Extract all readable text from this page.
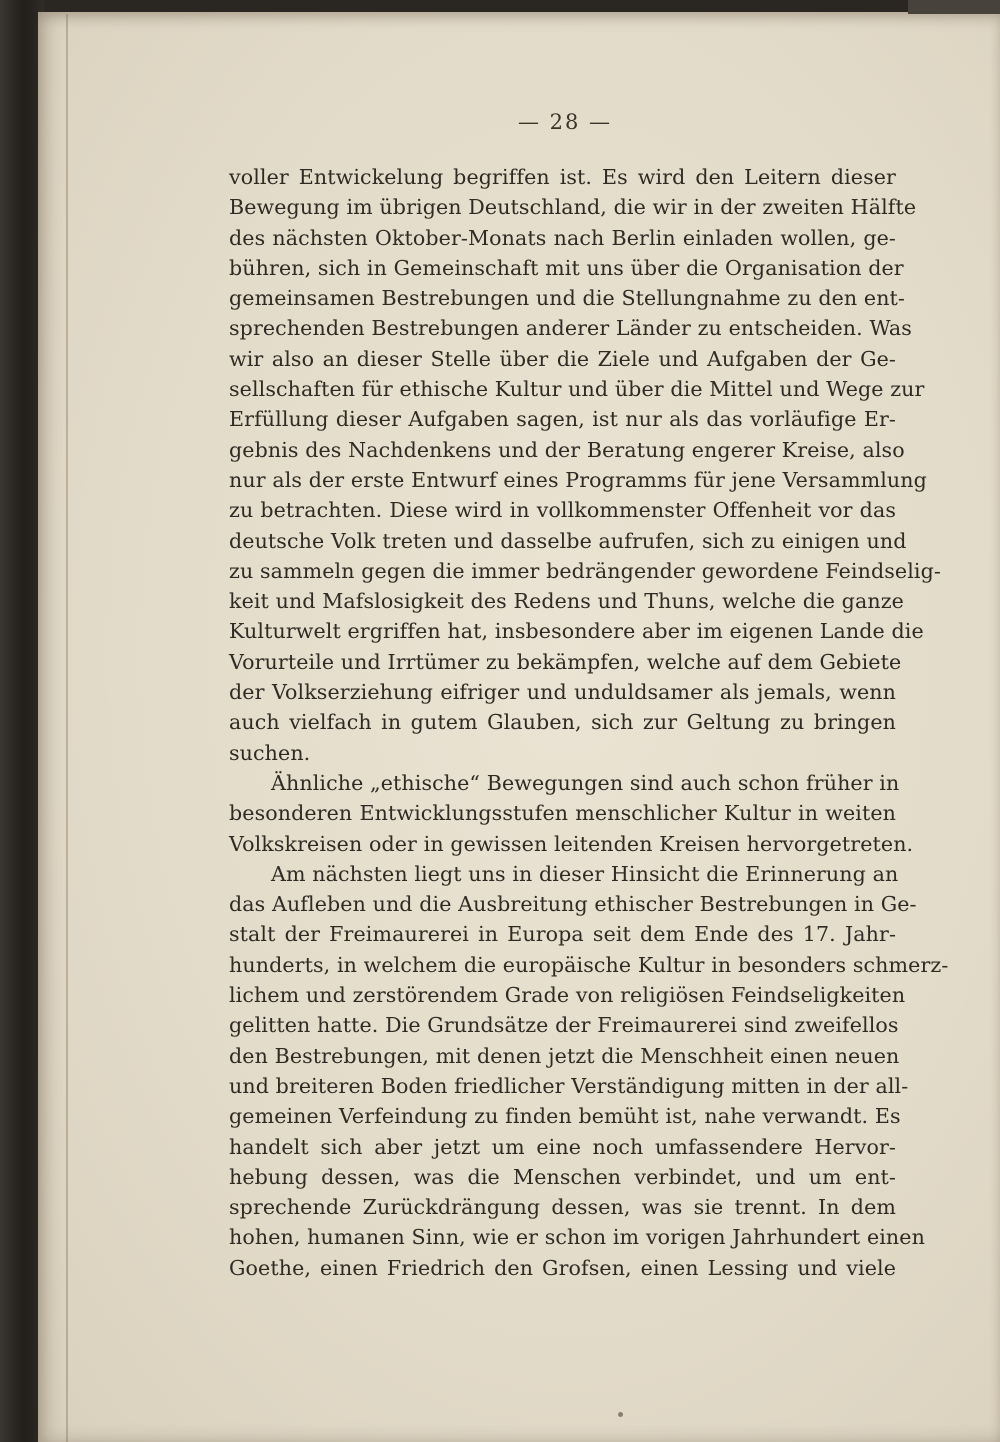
— 28 —
voller Entwickelung begriffen ist. Es wird den Leitern dieser
Bewegung im übrigen Deutschland, die wir in der zweiten Hälfte
des nächsten Oktober-Monats nach Berlin einladen wollen, ge-
bühren, sich in Gemeinschaft mit uns über die Organisation der
gemeinsamen Bestrebungen und die Stellungnahme zu den ent-
sprechenden Bestrebungen anderer Länder zu entscheiden. Was
wir also an dieser Stelle über die Ziele und Aufgaben der Ge-
sellschaften für ethische Kultur und über die Mittel und Wege zur
Erfüllung dieser Aufgaben sagen, ist nur als das vorläufige Er-
gebnis des Nachdenkens und der Beratung engerer Kreise, also
nur als der erste Entwurf eines Programms für jene Versammlung
zu betrachten. Diese wird in vollkommenster Offenheit vor das
deutsche Volk treten und dasselbe aufrufen, sich zu einigen und
zu sammeln gegen die immer bedrängender gewordene Feindselig-
keit und Mafslosigkeit des Redens und Thuns, welche die ganze
Kulturwelt ergriffen hat, insbesondere aber im eigenen Lande die
Vorurteile und Irrtümer zu bekämpfen, welche auf dem Gebiete
der Volkserziehung eifriger und unduldsamer als jemals, wenn
auch vielfach in gutem Glauben, sich zur Geltung zu bringen
suchen.
Ähnliche „ethische“ Bewegungen sind auch schon früher in
besonderen Entwicklungsstufen menschlicher Kultur in weiten
Volkskreisen oder in gewissen leitenden Kreisen hervorgetreten.
Am nächsten liegt uns in dieser Hinsicht die Erinnerung an
das Aufleben und die Ausbreitung ethischer Bestrebungen in Ge-
stalt der Freimaurerei in Europa seit dem Ende des 17. Jahr-
hunderts, in welchem die europäische Kultur in besonders schmerz-
lichem und zerstörendem Grade von religiösen Feindseligkeiten
gelitten hatte. Die Grundsätze der Freimaurerei sind zweifellos
den Bestrebungen, mit denen jetzt die Menschheit einen neuen
und breiteren Boden friedlicher Verständigung mitten in der all-
gemeinen Verfeindung zu finden bemüht ist, nahe verwandt. Es
handelt sich aber jetzt um eine noch umfassendere Hervor-
hebung dessen, was die Menschen verbindet, und um ent-
sprechende Zurückdrängung dessen, was sie trennt. In dem
hohen, humanen Sinn, wie er schon im vorigen Jahrhundert einen
Goethe, einen Friedrich den Grofsen, einen Lessing und viele
